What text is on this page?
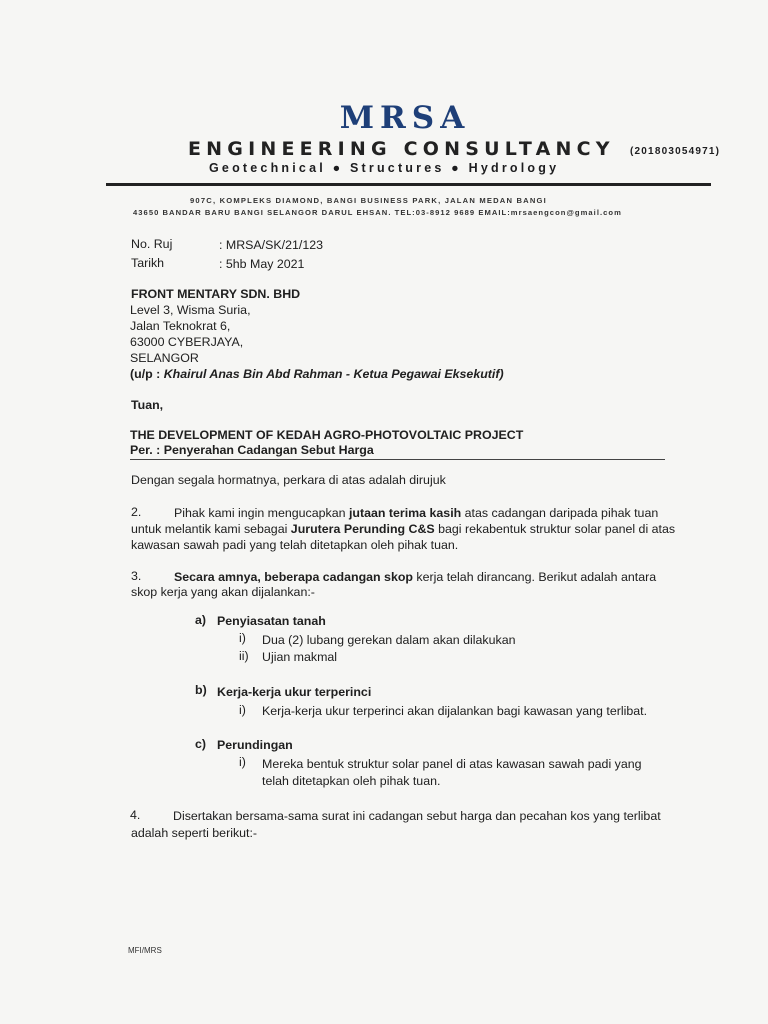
MRSA
ENGINEERING CONSULTANCY (201803054971)
Geotechnical ● Structures ● Hydrology
907C, KOMPLEKS DIAMOND, BANGI BUSINESS PARK, JALAN MEDAN BANGI
43650 BANDAR BARU BANGI SELANGOR DARUL EHSAN. TEL:03-8912 9689 EMAIL:mrsaengcon@gmail.com
No. Ruj	: MRSA/SK/21/123
Tarikh	: 5hb May 2021
FRONT MENTARY SDN. BHD
Level 3, Wisma Suria,
Jalan Teknokrat 6,
63000 CYBERJAYA,
SELANGOR
(u/p : Khairul Anas Bin Abd Rahman - Ketua Pegawai Eksekutif)
Tuan,
THE DEVELOPMENT OF KEDAH AGRO-PHOTOVOLTAIC PROJECT
Per. : Penyerahan Cadangan Sebut Harga
Dengan segala hormatnya, perkara di atas adalah dirujuk
2.	Pihak kami ingin mengucapkan jutaan terima kasih atas cadangan daripada pihak tuan
untuk melantik kami sebagai Jurutera Perunding C&S bagi rekabentuk struktur solar panel di atas
kawasan sawah padi yang telah ditetapkan oleh pihak tuan.
3.	Secara amnya, beberapa cadangan skop kerja telah dirancang. Berikut adalah antara
skop kerja yang akan dijalankan:-
a) Penyiasatan tanah
i) Dua (2) lubang gerekan dalam akan dilakukan
ii) Ujian makmal
b) Kerja-kerja ukur terperinci
i) Kerja-kerja ukur terperinci akan dijalankan bagi kawasan yang terlibat.
c) Perundingan
i) Mereka bentuk struktur solar panel di atas kawasan sawah padi yang
telah ditetapkan oleh pihak tuan.
4.	Disertakan bersama-sama surat ini cadangan sebut harga dan pecahan kos yang terlibat
adalah seperti berikut:-
MFI/MRS
